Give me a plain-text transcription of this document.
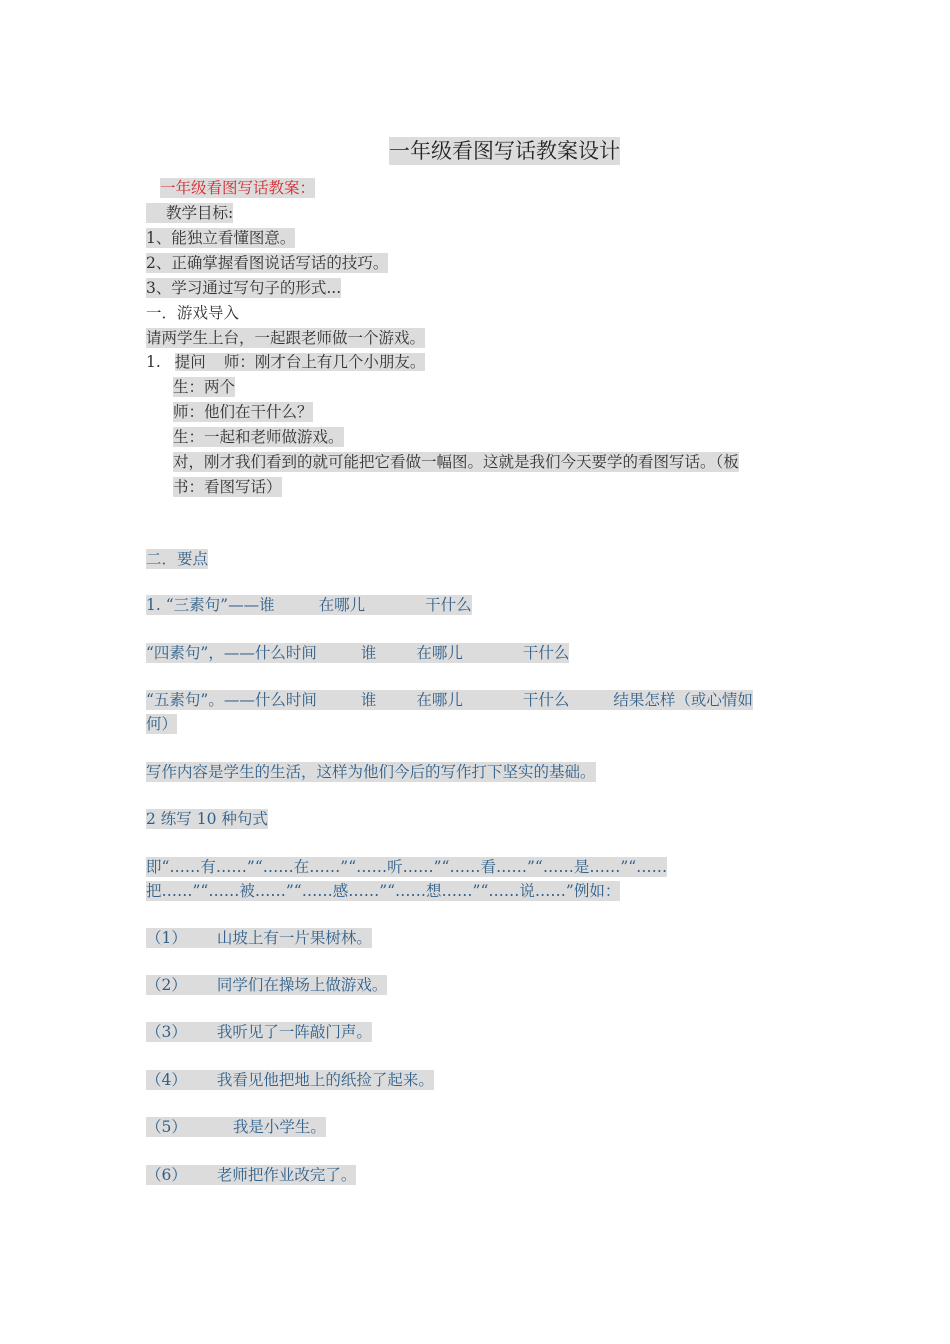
一年级看图写话教案设计
一年级看图写话教案：
教学目标:
1、能独立看懂图意。
2、正确掌握看图说话写话的技巧。
3、学习通过写句子的形式...
一．游戏导入
请两学生上台，一起跟老师做一个游戏。
1. 提问 师：刚才台上有几个小朋友。
生：两个
师：他们在干什么？
生：一起和老师做游戏。
对，刚才我们看到的就可能把它看做一幅图。这就是我们今天要学的看图写话。（板
书：看图写话）
二．要点
1. “三素句”——谁	在哪儿	干什么
“四素句”，——什么时间	谁	在哪儿	干什么
“五素句”。——什么时间	谁	在哪儿	干什么	结果怎样（或心情如
何）
写作内容是学生的生活，这样为他们今后的写作打下坚实的基础。
2 练写 10 种句式
即“……有……”“……在……”“……听……”“……看……”“……是……”“……
把……”“……被……”“……感……”“……想……”“……说……”例如：
（1） 山坡上有一片果树林。
（2） 同学们在操场上做游戏。
（3） 我听见了一阵敲门声。
（4） 我看见他把地上的纸捡了起来。
（5）	我是小学生。
（6） 老师把作业改完了。
